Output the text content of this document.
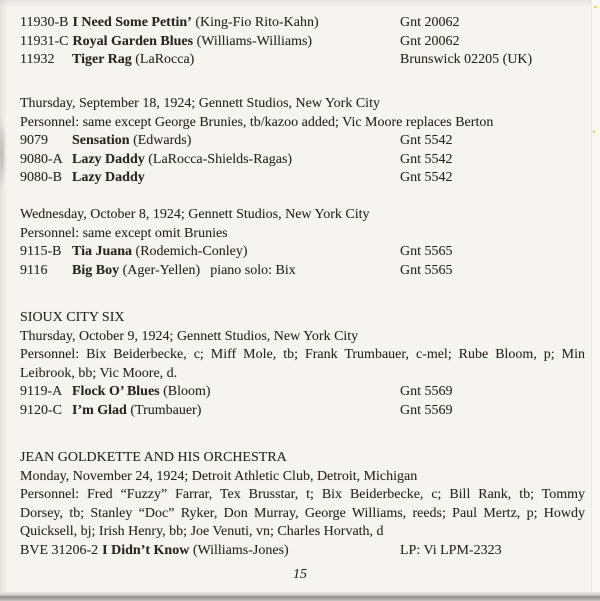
11930-B I Need Some Pettin’ (King-Fio Rito-Kahn)	Gnt 20062
11931-C Royal Garden Blues (Williams-Williams)	Gnt 20062
11932 Tiger Rag (LaRocca)	Brunswick 02205 (UK)
Thursday, September 18, 1924; Gennett Studios, New York City
Personnel: same except George Brunies, tb/kazoo added; Vic Moore replaces Berton
9079 Sensation (Edwards)	Gnt 5542
9080-A Lazy Daddy (LaRocca-Shields-Ragas)	Gnt 5542
9080-B Lazy Daddy	Gnt 5542
Wednesday, October 8, 1924; Gennett Studios, New York City
Personnel: same except omit Brunies
9115-B Tia Juana (Rodemich-Conley)	Gnt 5565
9116 Big Boy (Ager-Yellen) piano solo: Bix	Gnt 5565
SIOUX CITY SIX
Thursday, October 9, 1924; Gennett Studios, New York City
Personnel: Bix Beiderbecke, c; Miff Mole, tb; Frank Trumbauer, c-mel; Rube Bloom, p; Min
Leibrook, bb; Vic Moore, d.
9119-A Flock O’ Blues (Bloom)	Gnt 5569
9120-C I’m Glad (Trumbauer)	Gnt 5569
JEAN GOLDKETTE AND HIS ORCHESTRA
Monday, November 24, 1924; Detroit Athletic Club, Detroit, Michigan
Personnel: Fred “Fuzzy” Farrar, Tex Brusstar, t; Bix Beiderbecke, c; Bill Rank, tb; Tommy
Dorsey, tb; Stanley “Doc” Ryker, Don Murray, George Williams, reeds; Paul Mertz, p; Howdy
Quicksell, bj; Irish Henry, bb; Joe Venuti, vn; Charles Horvath, d
BVE 31206-2 I Didn’t Know (Williams-Jones)	LP: Vi LPM-2323
15
